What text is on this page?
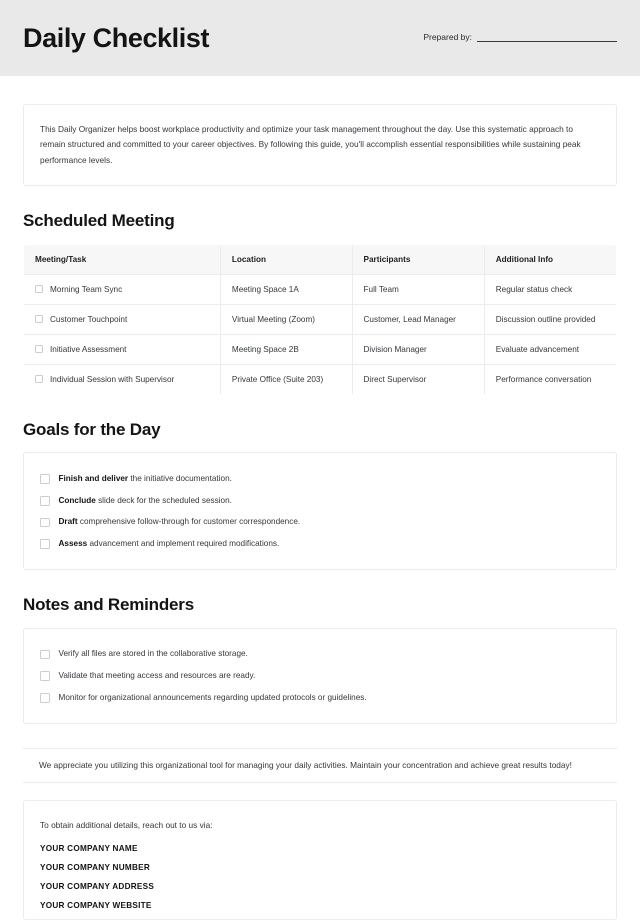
Daily Checklist	Prepared by:

This Daily Organizer helps boost workplace productivity and optimize your task management throughout the day. Use this systematic approach to remain structured and committed to your career objectives. By following this guide, you'll accomplish essential responsibilities while sustaining peak performance levels.

Scheduled Meeting
Meeting/Task	Location	Participants	Additional Info

Morning Team Sync	Meeting Space 1A	Full Team	Regular status check

Customer Touchpoint	Virtual Meeting (Zoom)	Customer, Lead Manager	Discussion outline provided

Initiative Assessment	Meeting Space 2B	Division Manager	Evaluate advancement

Individual Session with Supervisor	Private Office (Suite 203)	Direct Supervisor	Performance conversation
Goals for the Day
Finish and deliver the initiative documentation.
Conclude slide deck for the scheduled session.
Draft comprehensive follow-through for customer correspondence.
Assess advancement and implement required modifications.
Notes and Reminders
Verify all files are stored in the collaborative storage.
Validate that meeting access and resources are ready.
Monitor for organizational announcements regarding updated protocols or guidelines.

We appreciate you utilizing this organizational tool for managing your daily activities. Maintain your concentration and achieve great results today!

To obtain additional details, reach out to us via:

YOUR COMPANY NAME

YOUR COMPANY NUMBER

YOUR COMPANY ADDRESS

YOUR COMPANY WEBSITE
